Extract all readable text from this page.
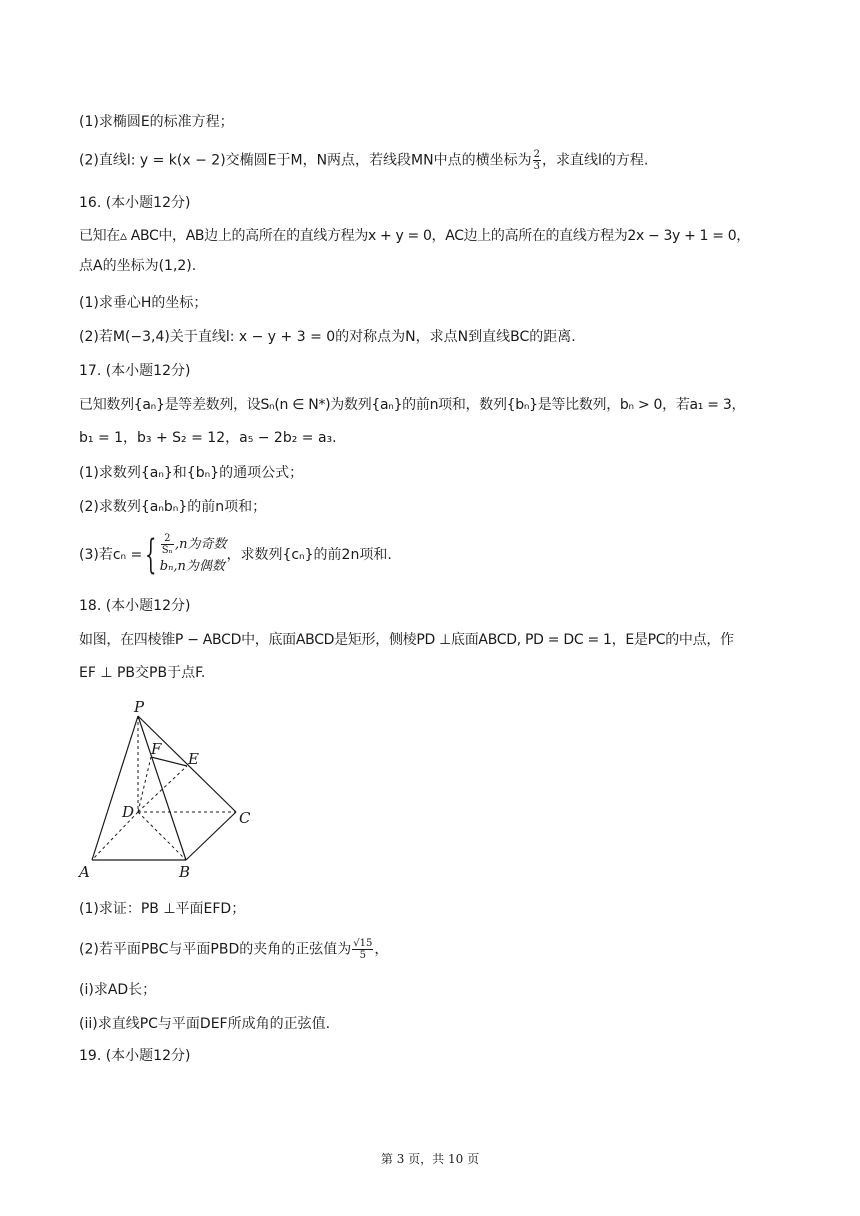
(1)求椭圆E的标准方程；
(2)直线l: y = k(x − 2)交椭圆E于M，N两点，若线段MN中点的横坐标为 $\frac{2}{3}$ ，求直线l的方程.
16. (本小题12分)
已知在▵ ABC中，AB边上的高所在的直线方程为x + y = 0，AC边上的高所在的直线方程为2x − 3y + 1 = 0，
点A的坐标为(1,2).
(1)求垂心H的坐标；
(2)若M(−3,4)关于直线l: x − y + 3 = 0的对称点为N，求点N到直线BC的距离.
17. (本小题12分)
已知数列{aₙ}是等差数列，设Sₙ(n ∈ N*)为数列{aₙ}的前n项和，数列{bₙ}是等比数列，bₙ > 0，若a₁ = 3，
b₁ = 1，b₃ + S₂ = 12，a₅ − 2b₂ = a₃.
(1)求数列{aₙ}和{bₙ}的通项公式；
(2)求数列{aₙbₙ}的前n项和；
(3)若cₙ = { $\frac{2}{\text{Sₙ}} ,n$为奇数
bₙ,n为偶数
，求数列{cₙ}的前2n项和.
18. (本小题12分)
如图，在四棱锥P − ABCD中，底面ABCD是矩形，侧棱PD ⊥底面ABCD, PD = DC = 1，E是PC的中点，作
EF ⊥ PB交PB于点F.
P
F
E
D	C
A	B
(1)求证：PB ⊥平面EFD；
(2)若平面PBC与平面PBD的夹角的正弦值为 $\frac{√15}{5}$ ，
(i)求AD长；
(ii)求直线PC与平面DEF所成角的正弦值.
19. (本小题12分)
第 3 页，共 10 页
